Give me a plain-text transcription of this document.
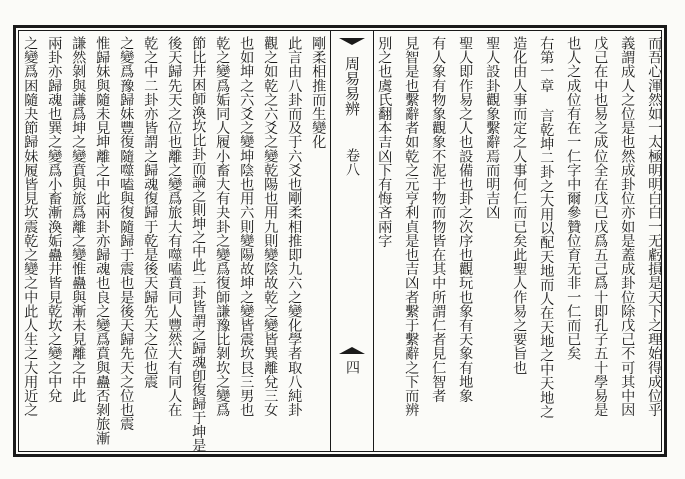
而吾心渾然如一太極明明白白一无虧損是天下之理始得成位乎
義謂成人之位是也然成卦位亦如是蓋成卦位除戊己不可其中因
戊己在中也易之成位全在戊已戊爲五己爲十即孔子五十學易是
也人之成位有在一仁字中爾參贊位育无非一仁而已矣
右第一章 言乾坤二卦之大用以配天地而人在天地之中天地之
造化由人事而定之人事何仁而已矣此聖人作易之要旨也
聖人設卦觀象繫辭焉而明吉凶
聖人即作易之人也設備也卦之次序也觀玩也象有天象有地象
有人象有物象觀象不泥于物而物皆在其中所謂仁者見仁智者
見智是也繫辭者如乾之元亨利貞是也吉凶者繫于繫辭之下而辨
別之也虞氏翻本吉凶下有悔吝兩字
周易易辨
卷八
四
剛柔相推而生變化
此言由八卦而及于六爻也剛柔相推即九六之變化學者取八純卦
觀之如乾之六爻之變乾陽也用九則變陰故乾之變皆巽離兌三女
也如坤之六爻之變坤陰也用六則變陽故坤之變皆震坎艮三男也
乾之變爲姤同人履小畜大有夬卦之變爲復師謙豫比剝坎之變爲
節比井困師渙坎比卦而論之則坤之中此二卦皆謂之歸魂卽復歸于坤是
後天歸先天之位也離之變爲旅大有噬嗑賁同人豐然大有同人在
乾之中二卦亦皆謂之歸魂復歸于乾是後天歸先天之位也震
之變爲豫歸妹豐復隨噬嗑與復隨歸于震也是後天歸先天之位也震
惟歸妹與隨未見坤離之中此兩卦亦歸魂也良之變爲賁與蠱否剝旅漸
謙然剝與謙爲坤之變賁與旅爲離之變惟蠱與漸未見離之中此
兩卦亦歸魂也巽之變爲小畜漸渙姤蠱井皆見乾坎之變之中兌
之變爲困隨夬節歸妹履皆見坎震乾之變之中此人生之大用近之
